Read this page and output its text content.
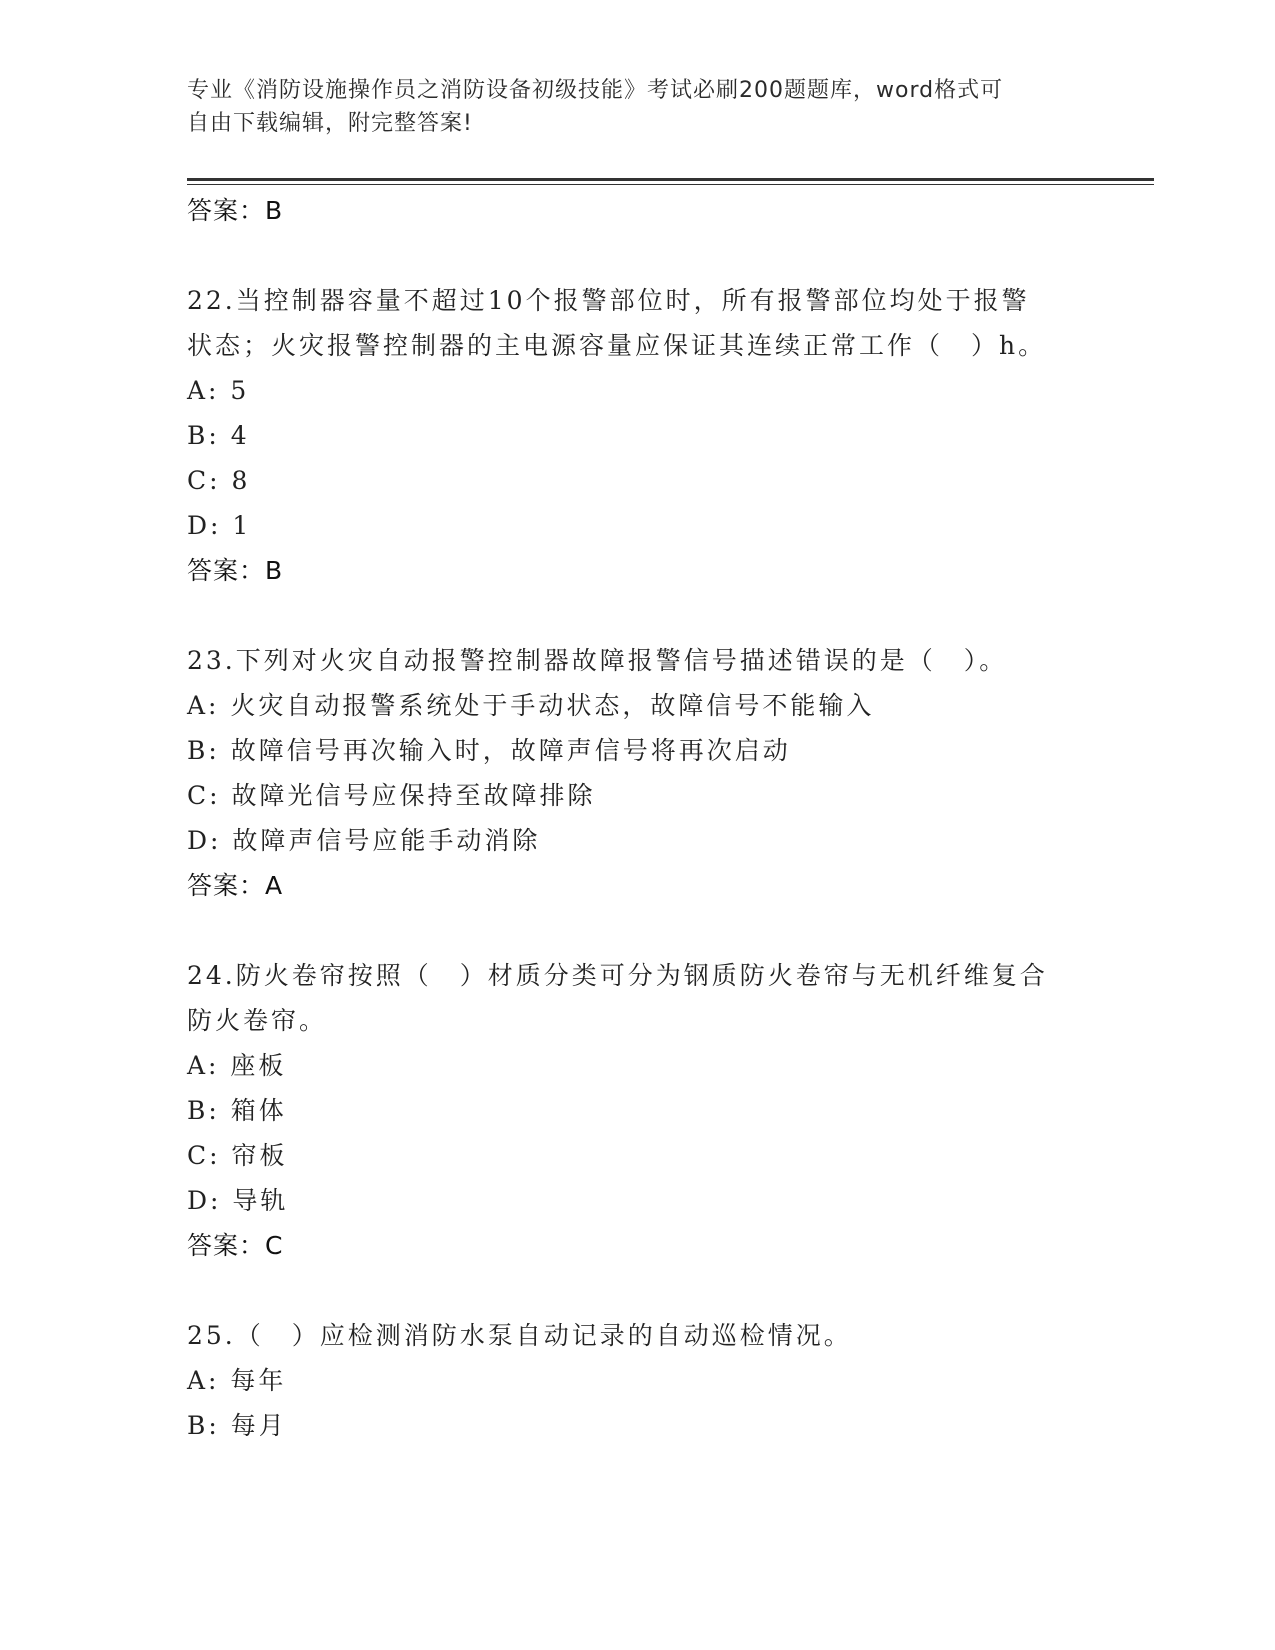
专业《消防设施操作员之消防设备初级技能》考试必刷200题题库，word格式可
自由下载编辑，附完整答案!
答案：B
22.当控制器容量不超过10个报警部位时，所有报警部位均处于报警
状态；火灾报警控制器的主电源容量应保证其连续正常工作（　）h。
A: 5
B: 4
C: 8
D: 1
答案：B
23.下列对火灾自动报警控制器故障报警信号描述错误的是（　）。
A: 火灾自动报警系统处于手动状态，故障信号不能输入
B: 故障信号再次输入时，故障声信号将再次启动
C: 故障光信号应保持至故障排除
D: 故障声信号应能手动消除
答案：A
24.防火卷帘按照（　）材质分类可分为钢质防火卷帘与无机纤维复合
防火卷帘。
A: 座板
B: 箱体
C: 帘板
D: 导轨
答案：C
25.（　）应检测消防水泵自动记录的自动巡检情况。
A: 每年
B: 每月
